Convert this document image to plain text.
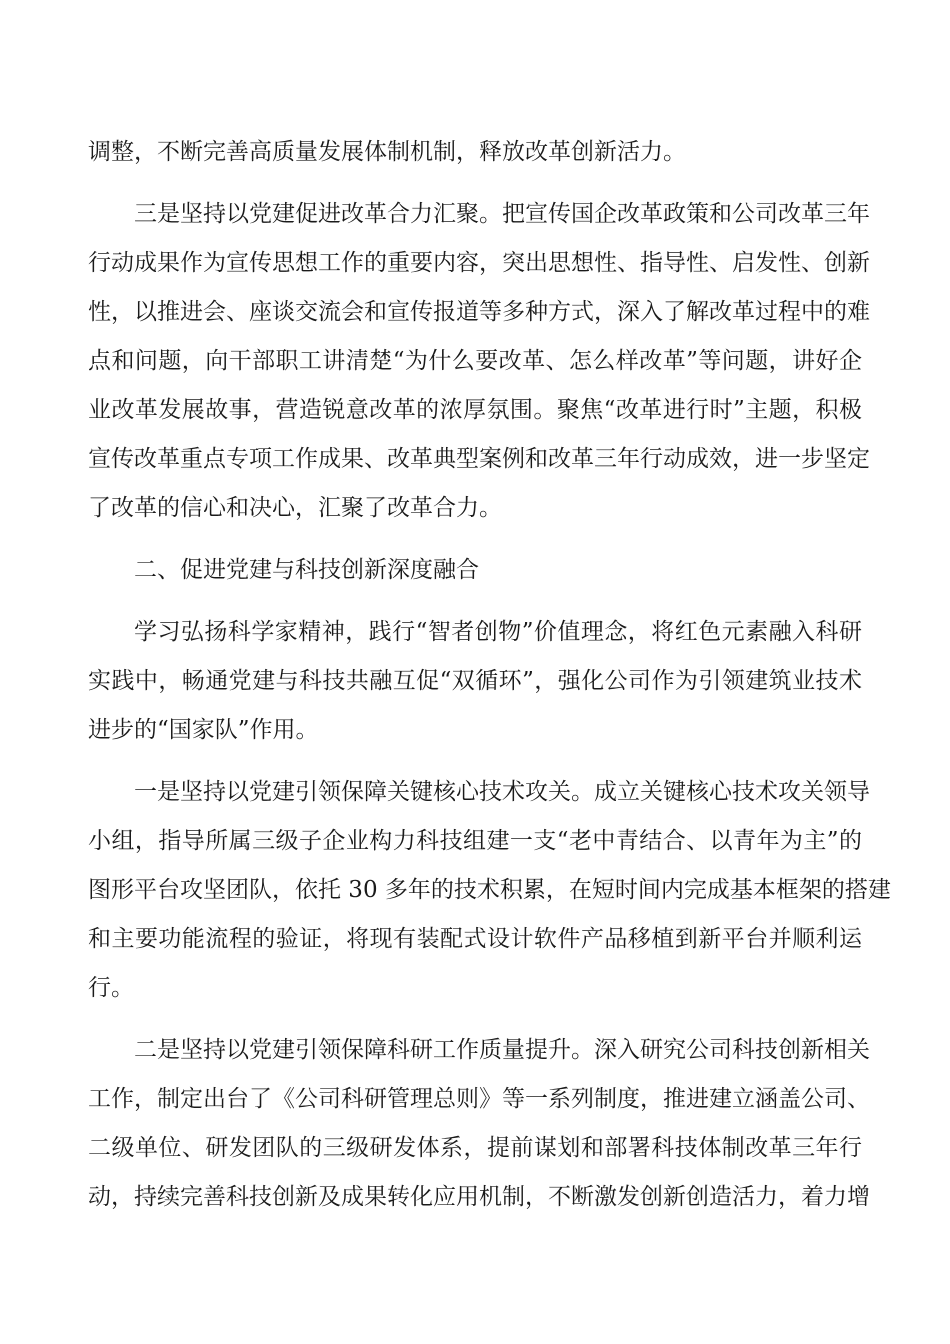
调整，不断完善高质量发展体制机制，释放改革创新活力。
三是坚持以党建促进改革合力汇聚。把宣传国企改革政策和公司改革三年
行动成果作为宣传思想工作的重要内容，突出思想性、指导性、启发性、创新
性，以推进会、座谈交流会和宣传报道等多种方式，深入了解改革过程中的难
点和问题，向干部职工讲清楚“为什么要改革、怎么样改革”等问题，讲好企
业改革发展故事，营造锐意改革的浓厚氛围。聚焦“改革进行时”主题，积极
宣传改革重点专项工作成果、改革典型案例和改革三年行动成效，进一步坚定
了改革的信心和决心，汇聚了改革合力。
二、促进党建与科技创新深度融合
学习弘扬科学家精神，践行“智者创物”价值理念，将红色元素融入科研
实践中，畅通党建与科技共融互促“双循环”，强化公司作为引领建筑业技术
进步的“国家队”作用。
一是坚持以党建引领保障关键核心技术攻关。成立关键核心技术攻关领导
小组，指导所属三级子企业构力科技组建一支“老中青结合、以青年为主”的
图形平台攻坚团队，依托 30 多年的技术积累，在短时间内完成基本框架的搭建
和主要功能流程的验证，将现有装配式设计软件产品移植到新平台并顺利运
行。
二是坚持以党建引领保障科研工作质量提升。深入研究公司科技创新相关
工作，制定出台了《公司科研管理总则》等一系列制度，推进建立涵盖公司、
二级单位、研发团队的三级研发体系，提前谋划和部署科技体制改革三年行
动，持续完善科技创新及成果转化应用机制，不断激发创新创造活力，着力增
